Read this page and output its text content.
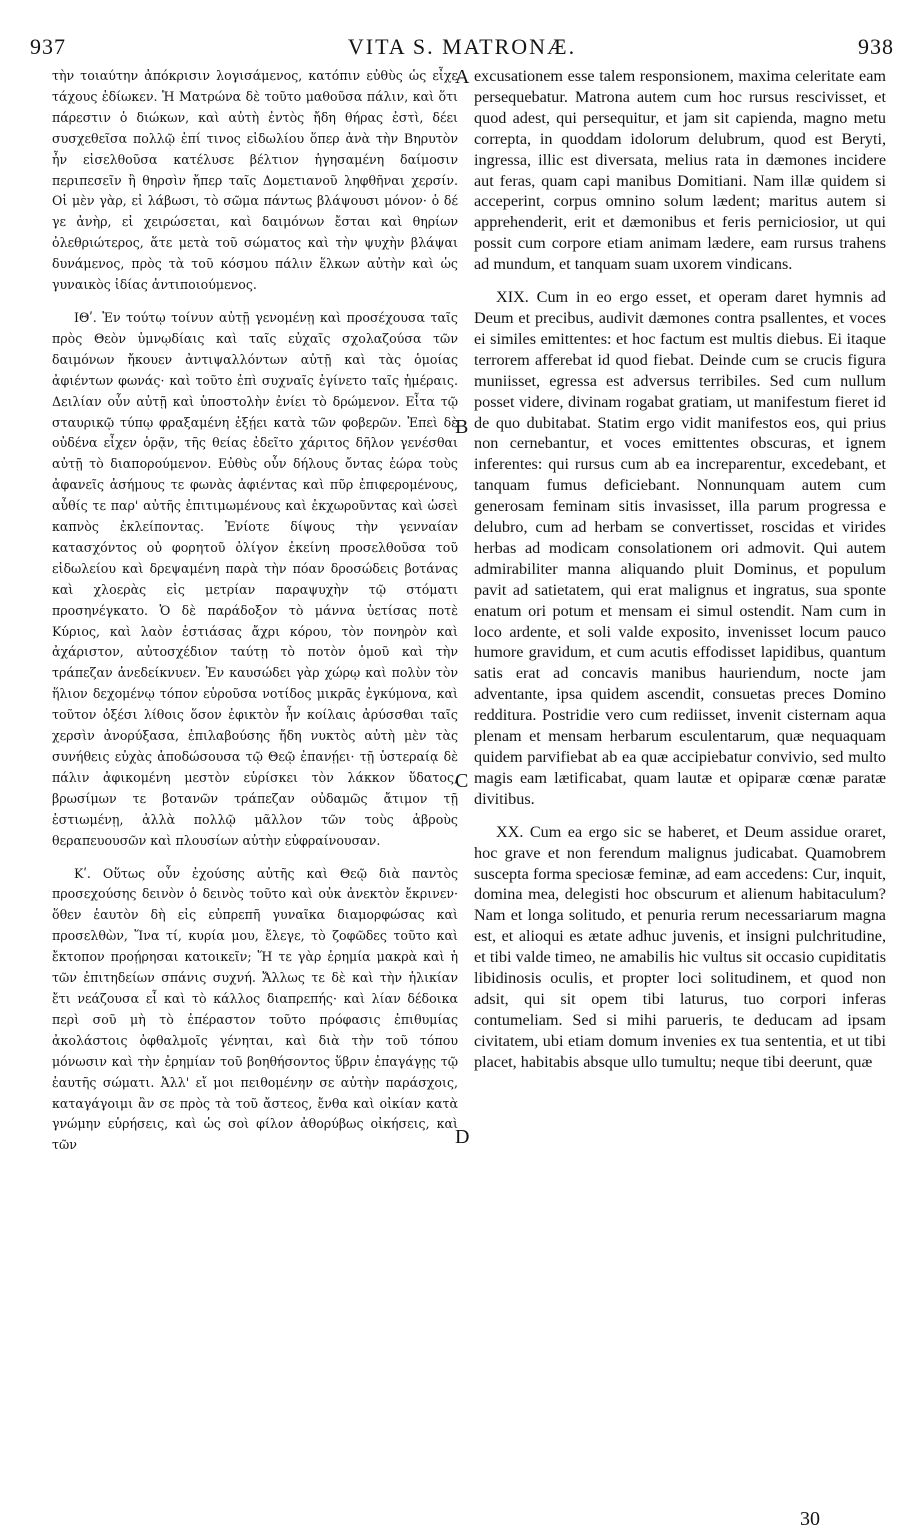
937	VITA S. MATRONÆ.	938

τὴν τοιαύτην ἀπόκρισιν λογισάμενος, κατόπιν εὐθὺς ὡς εἶχε τάχους ἐδίωκεν. Ἡ Ματρώνα δὲ τοῦτο μαθοῦσα πάλιν, καὶ ὅτι πάρεστιν ὁ διώκων, καὶ αὐτὴ ἐντὸς ἤδη θήρας ἐστὶ, δέει συσχεθεῖσα πολλῷ ἐπί τινος εἰδωλίου ὅπερ ἀνὰ τὴν Βηρυτὸν ἦν εἰσελθοῦσα κατέλυσε βέλτιον ἡγησαμένη δαίμοσιν περιπεσεῖν ἢ θηρσὶν ἤπερ ταῖς Δομετιανοῦ ληφθῆναι χερσίν. Οἱ μὲν γὰρ, εἰ λάβωσι, τὸ σῶμα πάντως βλάψουσι μόνον· ὁ δέ γε ἀνὴρ, εἰ χειρώσεται, καὶ δαιμόνων ἔσται καὶ θηρίων ὀλεθριώτερος, ἅτε μετὰ τοῦ σώματος καὶ τὴν ψυχὴν βλάψαι δυνάμενος, πρὸς τὰ τοῦ κόσμου πάλιν ἕλκων αὐτὴν καὶ ὡς γυναικὸς ἰδίας ἀντιποιούμενος.

ΙΘʹ. Ἐν τούτῳ τοίνυν αὐτῇ γενομένῃ καὶ προσέχουσα ταῖς πρὸς Θεὸν ὑμνῳδίαις καὶ ταῖς εὐχαῖς σχολαζούσα τῶν δαιμόνων ἤκουεν ἀντιψαλλόντων αὐτῇ καὶ τὰς ὁμοίας ἀφιέντων φωνάς· καὶ τοῦτο ἐπὶ συχναῖς ἐγίνετο ταῖς ἡμέραις. Δειλίαν οὖν αὐτῇ καὶ ὑποστολὴν ἐνίει τὸ δρώμενον. Εἶτα τῷ σταυρικῷ τύπῳ φραξαμένη ἐξῄει κατὰ τῶν φοβερῶν. Ἐπεὶ δὲ οὐδένα εἶχεν ὁρᾷν, τῆς θείας ἐδεῖτο χάριτος δῆλον γενέσθαι αὐτῇ τὸ διαπορούμενον. Εὐθὺς οὖν δήλους ὄντας ἑώρα τοὺς ἀφανεῖς ἀσήμους τε φωνὰς ἀφιέντας καὶ πῦρ ἐπιφερομένους, αὖθίς τε παρ' αὐτῆς ἐπιτιμωμένους καὶ ἐκχωροῦντας καὶ ὡσεὶ καπνὸς ἐκλείποντας. Ἐνίοτε δίψους τὴν γενναίαν κατασχόντος οὐ φορητοῦ ὀλίγον ἐκείνη προσελθοῦσα τοῦ εἰδωλείου καὶ δρεψαμένη παρὰ τὴν πόαν δροσώδεις βοτάνας καὶ χλοερὰς εἰς μετρίαν παραψυχὴν τῷ στόματι προσηνέγκατο. Ὁ δὲ παράδοξον τὸ μάννα ὑετίσας ποτὲ Κύριος, καὶ λαὸν ἑστιάσας ἄχρι κόρου, τὸν πονηρὸν καὶ ἀχάριστον, αὐτοσχέδιον ταύτῃ τὸ ποτὸν ὁμοῦ καὶ τὴν τράπεζαν ἀνεδείκνυεν. Ἐν καυσώδει γὰρ χώρῳ καὶ πολὺν τὸν ἥλιον δεχομένῳ τόπον εὑροῦσα νοτίδος μικρᾶς ἐγκύμονα, καὶ τοῦτον ὀξέσι λίθοις ὅσον ἐφικτὸν ἦν κοίλαις ἀρύσσθαι ταῖς χερσὶν ἀνορύξασα, ἐπιλαβούσης ἤδη νυκτὸς αὐτὴ μὲν τὰς συνήθεις εὐχὰς ἀποδώσουσα τῷ Θεῷ ἐπανῄει· τῇ ὑστεραίᾳ δὲ πάλιν ἀφικομένη μεστὸν εὑρίσκει τὸν λάκκον ὕδατος, βρωσίμων τε βοτανῶν τράπεζαν οὐδαμῶς ἄτιμον τῇ ἑστιωμένῃ, ἀλλὰ πολλῷ μᾶλλον τῶν τοὺς ἁβροὺς θεραπευουσῶν καὶ πλουσίων αὐτὴν εὐφραίνουσαν.

Κʹ. Οὕτως οὖν ἐχούσης αὐτῆς καὶ Θεῷ διὰ παντὸς προσεχούσης δεινὸν ὁ δεινὸς τοῦτο καὶ οὐκ ἀνεκτὸν ἔκρινεν· ὅθεν ἑαυτὸν δὴ εἰς εὐπρεπῆ γυναῖκα διαμορφώσας καὶ προσελθὼν, Ἵνα τί, κυρία μου, ἔλεγε, τὸ ζοφῶδες τοῦτο καὶ ἔκτοπον προῄρησαι κατοικεῖν; Ἥ τε γὰρ ἐρημία μακρὰ καὶ ἡ τῶν ἐπιτηδείων σπάνις συχνή. Ἄλλως τε δὲ καὶ τὴν ἡλικίαν ἔτι νεάζουσα εἶ καὶ τὸ κάλλος διαπρεπής· καὶ λίαν δέδοικα περὶ σοῦ μὴ τὸ ἐπέραστον τοῦτο πρόφασις ἐπιθυμίας ἀκολάστοις ὀφθαλμοῖς γένηται, καὶ διὰ τὴν τοῦ τόπου μόνωσιν καὶ τὴν ἐρημίαν τοῦ βοηθήσοντος ὕβριν ἐπαγάγῃς τῷ ἑαυτῆς σώματι. Ἀλλ' εἴ μοι πειθομένην σε αὐτὴν παράσχοις, καταγάγοιμι ἂν σε πρὸς τὰ τοῦ ἄστεος, ἔνθα καὶ οἰκίαν κατὰ γνώμην εὑρήσεις, καὶ ὡς σοὶ φίλον ἀθορύβως οἰκήσεις, καὶ τῶν

A
B
C
D

excusationem esse talem responsionem, maxima celeritate eam persequebatur. Matrona autem cum hoc rursus rescivisset, et quod adest, qui persequitur, et jam sit capienda, magno metu correpta, in quoddam idolorum delubrum, quod est Beryti, ingressa, illic est diversata, melius rata in dæmones incidere aut feras, quam capi manibus Domitiani. Nam illæ quidem si acceperint, corpus omnino solum lædent; maritus autem si apprehenderit, erit et dæmonibus et feris perniciosior, ut qui possit cum corpore etiam animam lædere, eam rursus trahens ad mundum, et tanquam suam uxorem vindicans.

XIX. Cum in eo ergo esset, et operam daret hymnis ad Deum et precibus, audivit dæmones contra psallentes, et voces ei similes emittentes: et hoc factum est multis diebus. Ei itaque terrorem afferebat id quod fiebat. Deinde cum se crucis figura muniisset, egressa est adversus terribiles. Sed cum nullum posset videre, divinam rogabat gratiam, ut manifestum fieret id de quo dubitabat. Statim ergo vidit manifestos eos, qui prius non cernebantur, et voces emittentes obscuras, et ignem inferentes: qui rursus cum ab ea increparentur, excedebant, et tanquam fumus deficiebant. Nonnunquam autem cum generosam feminam sitis invasisset, illa parum progressa e delubro, cum ad herbam se convertisset, roscidas et virides herbas ad modicam consolationem ori admovit. Qui autem admirabiliter manna aliquando pluit Dominus, et populum pavit ad satietatem, qui erat malignus et ingratus, sua sponte enatum ori potum et mensam ei simul ostendit. Nam cum in loco ardente, et soli valde exposito, invenisset locum pauco humore gravidum, et cum acutis effodisset lapidibus, quantum satis erat ad concavis manibus hauriendum, nocte jam adventante, ipsa quidem ascendit, consuetas preces Domino redditura. Postridie vero cum rediisset, invenit cisternam aqua plenam et mensam herbarum esculentarum, quæ nequaquam quidem parvifiebat ab ea quæ accipiebatur convivio, sed multo magis eam lætificabat, quam lautæ et opiparæ cœnæ paratæ divitibus.

XX. Cum ea ergo sic se haberet, et Deum assidue oraret, hoc grave et non ferendum malignus judicabat. Quamobrem suscepta forma speciosæ feminæ, ad eam accedens: Cur, inquit, domina mea, delegisti hoc obscurum et alienum habitaculum? Nam et longa solitudo, et penuria rerum necessariarum magna est, et alioqui es ætate adhuc juvenis, et insigni pulchritudine, et tibi valde timeo, ne amabilis hic vultus sit occasio cupiditatis libidinosis oculis, et propter loci solitudinem, et quod non adsit, qui sit opem tibi laturus, tuo corpori inferas contumeliam. Sed si mihi parueris, te deducam ad ipsam civitatem, ubi etiam domum invenies ex tua sententia, et ut tibi placet, habitabis absque ullo tumultu; neque tibi deerunt, quæ

30
